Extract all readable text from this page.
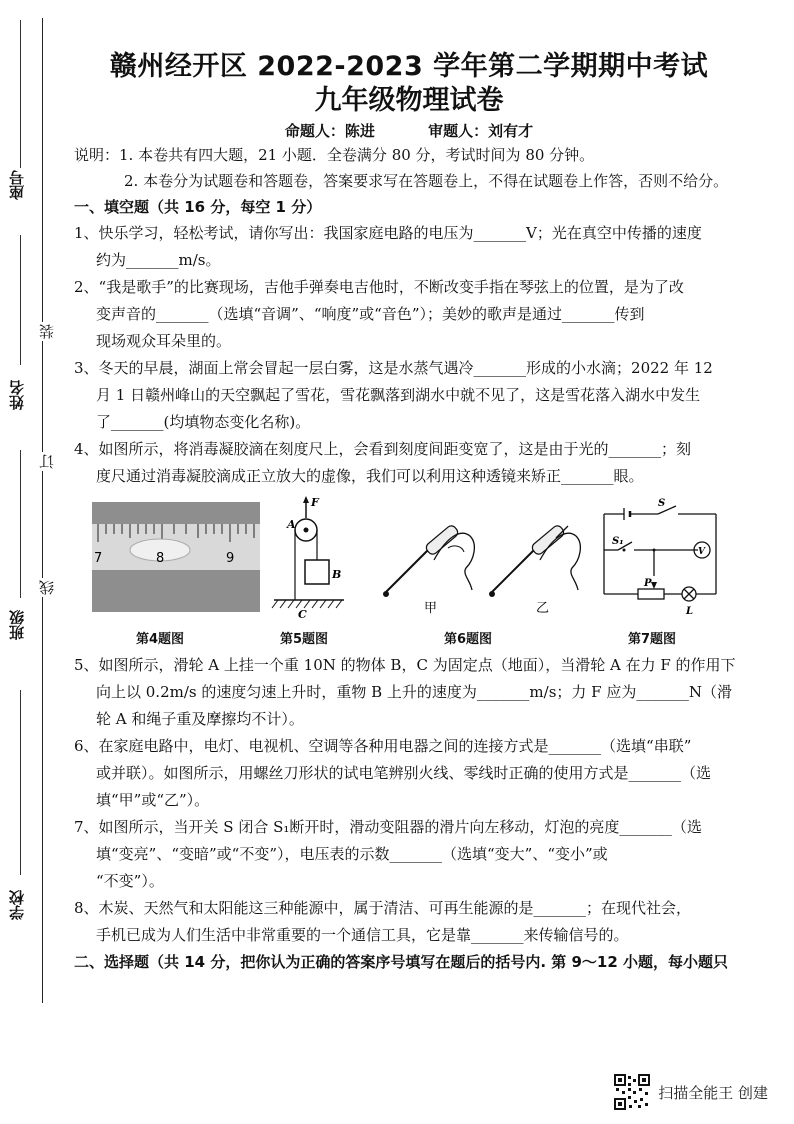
座号
姓名
班级
学校
装
订
线
赣州经开区 2022-2023 学年第二学期期中考试
九年级物理试卷
命题人：陈进	审题人：刘有才

说明：1. 本卷共有四大题，21 小题．全卷满分 80 分，考试时间为 80 分钟。

2. 本卷分为试题卷和答题卷，答案要求写在答题卷上，不得在试题卷上作答，否则不给分。

一、填空题（共 16 分，每空 1 分）

1、快乐学习，轻松考试，请你写出：我国家庭电路的电压为_______V；光在真空中传播的速度

约为_______m/s。

2、“我是歌手”的比赛现场，吉他手弹奏电吉他时，不断改变手指在琴弦上的位置，是为了改

变声音的_______（选填“音调”、“响度”或“音色”）；美妙的歌声是通过_______传到

现场观众耳朵里的。

3、冬天的早晨，湖面上常会冒起一层白雾，这是水蒸气遇冷_______形成的小水滴；2022 年 12

月 1 日赣州峰山的天空飘起了雪花，雪花飘落到湖水中就不见了，这是雪花落入湖水中发生

了_______(均填物态变化名称)。

4、如图所示，将消毒凝胶滴在刻度尺上，会看到刻度间距变宽了，这是由于光的_______；刻

度尺通过消毒凝胶滴成正立放大的虚像，我们可以利用这种透镜来矫正_______眼。

7	8	9
第4题图
F
A
B
C
第5题图
甲	乙
第6题图
S
S₁
V
P
L
第7题图

5、如图所示，滑轮 A 上挂一个重 10N 的物体 B，C 为固定点（地面），当滑轮 A 在力 F 的作用下

向上以 0.2m/s 的速度匀速上升时，重物 B 上升的速度为_______m/s；力 F 应为_______N（滑

轮 A 和绳子重及摩擦均不计）。

6、在家庭电路中，电灯、电视机、空调等各种用电器之间的连接方式是_______（选填“串联”

或并联）。如图所示，用螺丝刀形状的试电笔辨别火线、零线时正确的使用方式是_______（选

填“甲”或“乙”）。

7、如图所示，当开关 S 闭合 S₁断开时，滑动变阻器的滑片向左移动，灯泡的亮度_______（选

填“变亮”、“变暗”或“不变”），电压表的示数_______（选填“变大”、“变小”或

“不变”）。

8、木炭、天然气和太阳能这三种能源中，属于清洁、可再生能源的是_______；在现代社会，

手机已成为人们生活中非常重要的一个通信工具，它是靠_______来传输信号的。

二、选择题（共 14 分，把你认为正确的答案序号填写在题后的括号内. 第 9～12 小题，每小题只

扫描全能王 创建
